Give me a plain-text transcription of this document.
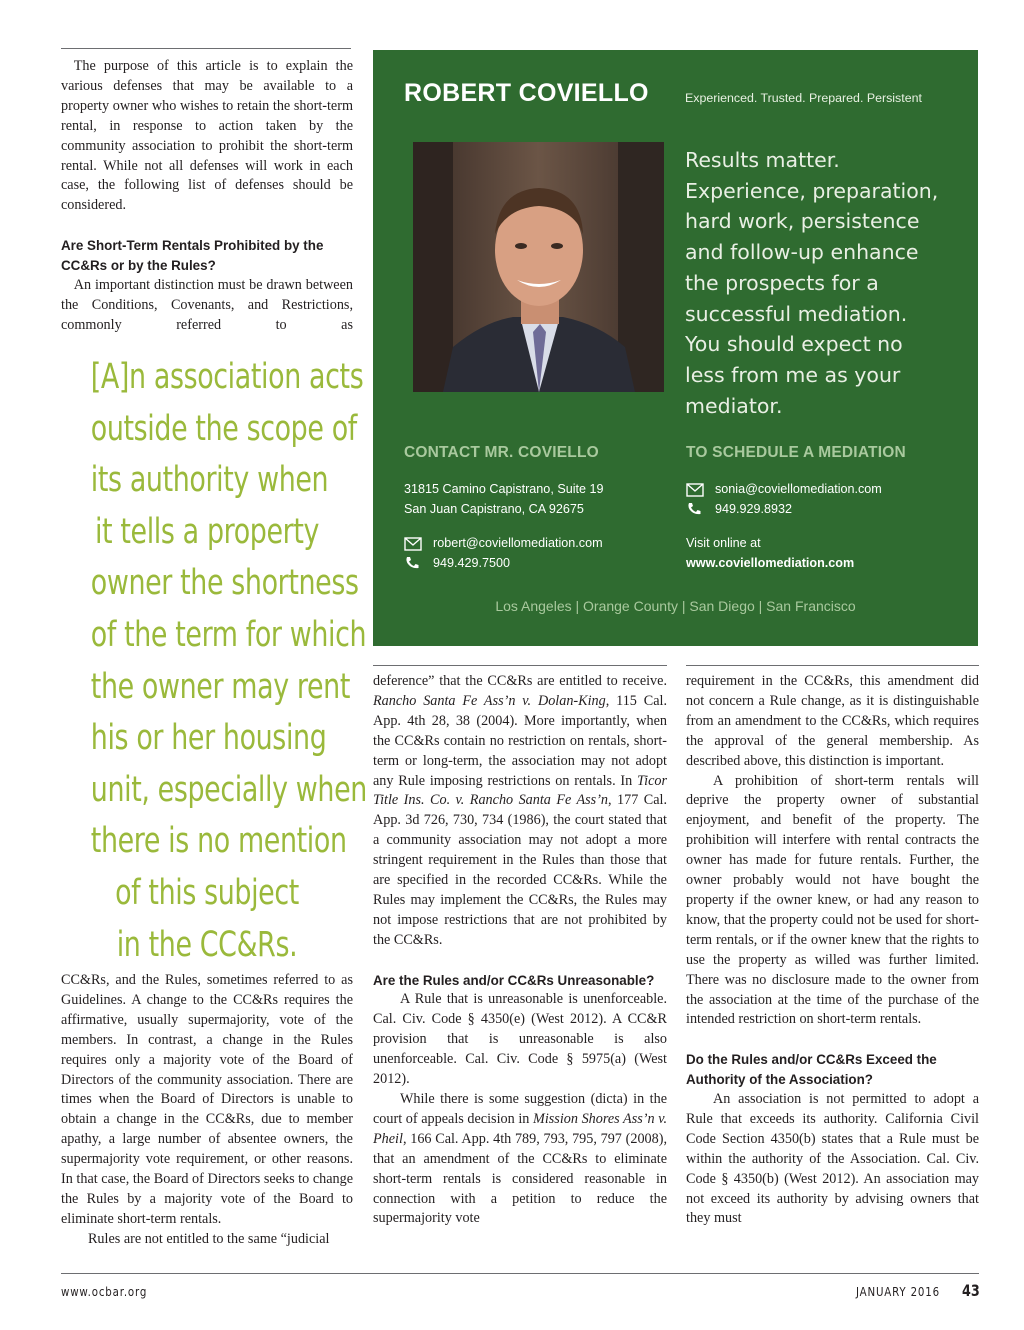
The purpose of this article is to explain the various defenses that may be available to a property owner who wishes to retain the short-term rental, in response to action taken by the community association to prohibit the short-term rental. While not all defenses will work in each case, the following list of defenses should be considered.

Are Short-Term Rentals Prohibited by the CC&Rs or by the Rules?

An important distinction must be drawn between the Conditions, Covenants, and Restrictions, commonly referred to as

[A]n association acts
outside the scope of
its authority when
it tells a property
owner the shortness
of the term for which
the owner may rent
his or her housing
unit, especially when
there is no mention
of this subject
in the CC&Rs.

CC&Rs, and the Rules, sometimes referred to as Guidelines. A change to the CC&Rs requires the affirmative, usually supermajority, vote of the members. In contrast, a change in the Rules requires only a majority vote of the Board of Directors of the community association. There are times when the Board of Directors is unable to obtain a change in the CC&Rs, due to member apathy, a large number of absentee owners, the supermajority vote requirement, or other reasons. In that case, the Board of Directors seeks to change the Rules by a majority vote of the Board to eliminate short-term rentals.

Rules are not entitled to the same “judicial

ROBERT COVIELLO	Experienced. Trusted. Prepared. Persistent
Results matter.
Experience, preparation,
hard work, persistence
and follow-up enhance
the prospects for a
successful mediation.
You should expect no
less from me as your
mediator.
CONTACT MR. COVIELLO	TO SCHEDULE A MEDIATION
31815 Camino Capistrano, Suite 19
San Juan Capistrano, CA 92675
robert@coviellomediation.com
949.429.7500
sonia@coviellomediation.com
949.929.8932
Visit online at
www.coviellomediation.com
Los Angeles | Orange County | San Diego | San Francisco

deference” that the CC&Rs are entitled to receive. Rancho Santa Fe Ass’n v. Dolan-King, 115 Cal. App. 4th 28, 38 (2004). More importantly, when the CC&Rs contain no restriction on rentals, short-term or long-term, the association may not adopt any Rule imposing restrictions on rentals. In Ticor Title Ins. Co. v. Rancho Santa Fe Ass’n, 177 Cal. App. 3d 726, 730, 734 (1986), the court stated that a community association may not adopt a more stringent requirement in the Rules than those that are specified in the recorded CC&Rs. While the Rules may implement the CC&Rs, the Rules may not impose restrictions that are not prohibited by the CC&Rs.

Are the Rules and/or CC&Rs Unreasonable?

A Rule that is unreasonable is unenforceable. Cal. Civ. Code § 4350(e) (West 2012). A CC&R provision that is unreasonable is also unenforceable. Cal. Civ. Code § 5975(a) (West 2012).

While there is some suggestion (dicta) in the court of appeals decision in Mission Shores Ass’n v. Pheil, 166 Cal. App. 4th 789, 793, 795, 797 (2008), that an amendment of the CC&Rs to eliminate short-term rentals is considered reasonable in connection with a petition to reduce the supermajority vote

requirement in the CC&Rs, this amendment did not concern a Rule change, as it is distinguishable from an amendment to the CC&Rs, which requires the approval of the general membership. As described above, this distinction is important.

A prohibition of short-term rentals will deprive the property owner of substantial enjoyment, and benefit of the property. The prohibition will interfere with rental contracts the owner has made for future rentals. Further, the owner probably would not have bought the property if the owner knew, or had any reason to know, that the property could not be used for short-term rentals, or if the owner knew that the rights to use the property as willed was further limited. There was no disclosure made to the owner from the association at the time of the purchase of the intended restriction on short-term rentals.

Do the Rules and/or CC&Rs Exceed the Authority of the Association?

An association is not permitted to adopt a Rule that exceeds its authority. California Civil Code Section 4350(b) states that a Rule must be within the authority of the Association. Cal. Civ. Code § 4350(b) (West 2012). An association may not exceed its authority by advising owners that they must

www.ocbar.org	JANUARY 2016 43
